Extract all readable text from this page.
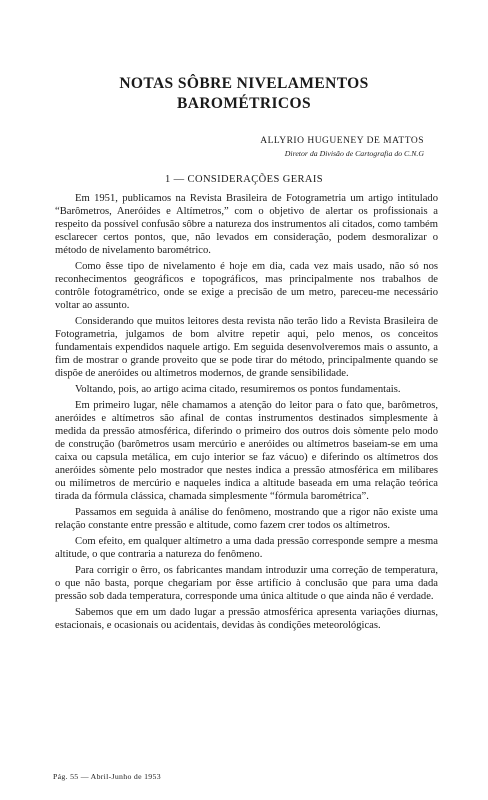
NOTAS SÔBRE NIVELAMENTOS
BAROMÉTRICOS
ALLYRIO HUGUENEY DE MATTOS
Diretor da Divisão de Cartografia do C.N.G
1 — CONSIDERAÇÕES GERAIS

Em 1951, publicamos na Revista Brasileira de Fotogrametria um artigo intitulado “Barômetros, Aneróides e Altímetros,” com o objetivo de alertar os profissionais a respeito da possível confusão sôbre a natureza dos instrumentos ali citados, como também esclarecer certos pontos, que, não levados em consideração, podem desmoralizar o método de nivelamento barométrico.

Como êsse tipo de nivelamento é hoje em dia, cada vez mais usado, não só nos reconhecimentos geográficos e topográficos, mas principalmente nos trabalhos de contrôle fotogramétrico, onde se exige a precisão de um metro, pareceu-me necessário voltar ao assunto.

Considerando que muitos leitores desta revista não terão lido a Revista Brasileira de Fotogrametria, julgamos de bom alvitre repetir aqui, pelo menos, os conceitos fundamentais expendidos naquele artigo. Em seguida desenvolveremos mais o assunto, a fim de mostrar o grande proveito que se pode tirar do método, principalmente quando se dispõe de aneróides ou altímetros modernos, de grande sensibilidade.

Voltando, pois, ao artigo acima citado, resumiremos os pontos fundamentais.

Em primeiro lugar, nêle chamamos a atenção do leitor para o fato que, barômetros, aneróides e altímetros são afinal de contas instrumentos destinados simplesmente à medida da pressão atmosférica, diferindo o primeiro dos outros dois sòmente pelo modo de construção (barômetros usam mercúrio e aneróides ou altímetros baseiam-se em uma caixa ou capsula metálica, em cujo interior se faz vácuo) e diferindo os altímetros dos aneróides sòmente pelo mostrador que nestes indica a pressão atmosférica em milibares ou milímetros de mercúrio e naqueles indica a altitude baseada em uma relação teórica tirada da fórmula clássica, chamada simplesmente “fórmula barométrica”.

Passamos em seguida à análise do fenômeno, mostrando que a rigor não existe uma relação constante entre pressão e altitude, como fazem crer todos os altímetros.

Com efeito, em qualquer altímetro a uma dada pressão corresponde sempre a mesma altitude, o que contraria a natureza do fenômeno.

Para corrigir o êrro, os fabricantes mandam introduzir uma correção de temperatura, o que não basta, porque chegariam por êsse artifício à conclusão que para uma dada pressão sob dada temperatura, corresponde uma única altitude o que ainda não é verdade.

Sabemos que em um dado lugar a pressão atmosférica apresenta variações diurnas, estacionais, e ocasionais ou acidentais, devidas às condições meteorológicas.

Pág. 55 — Abril-Junho de 1953
